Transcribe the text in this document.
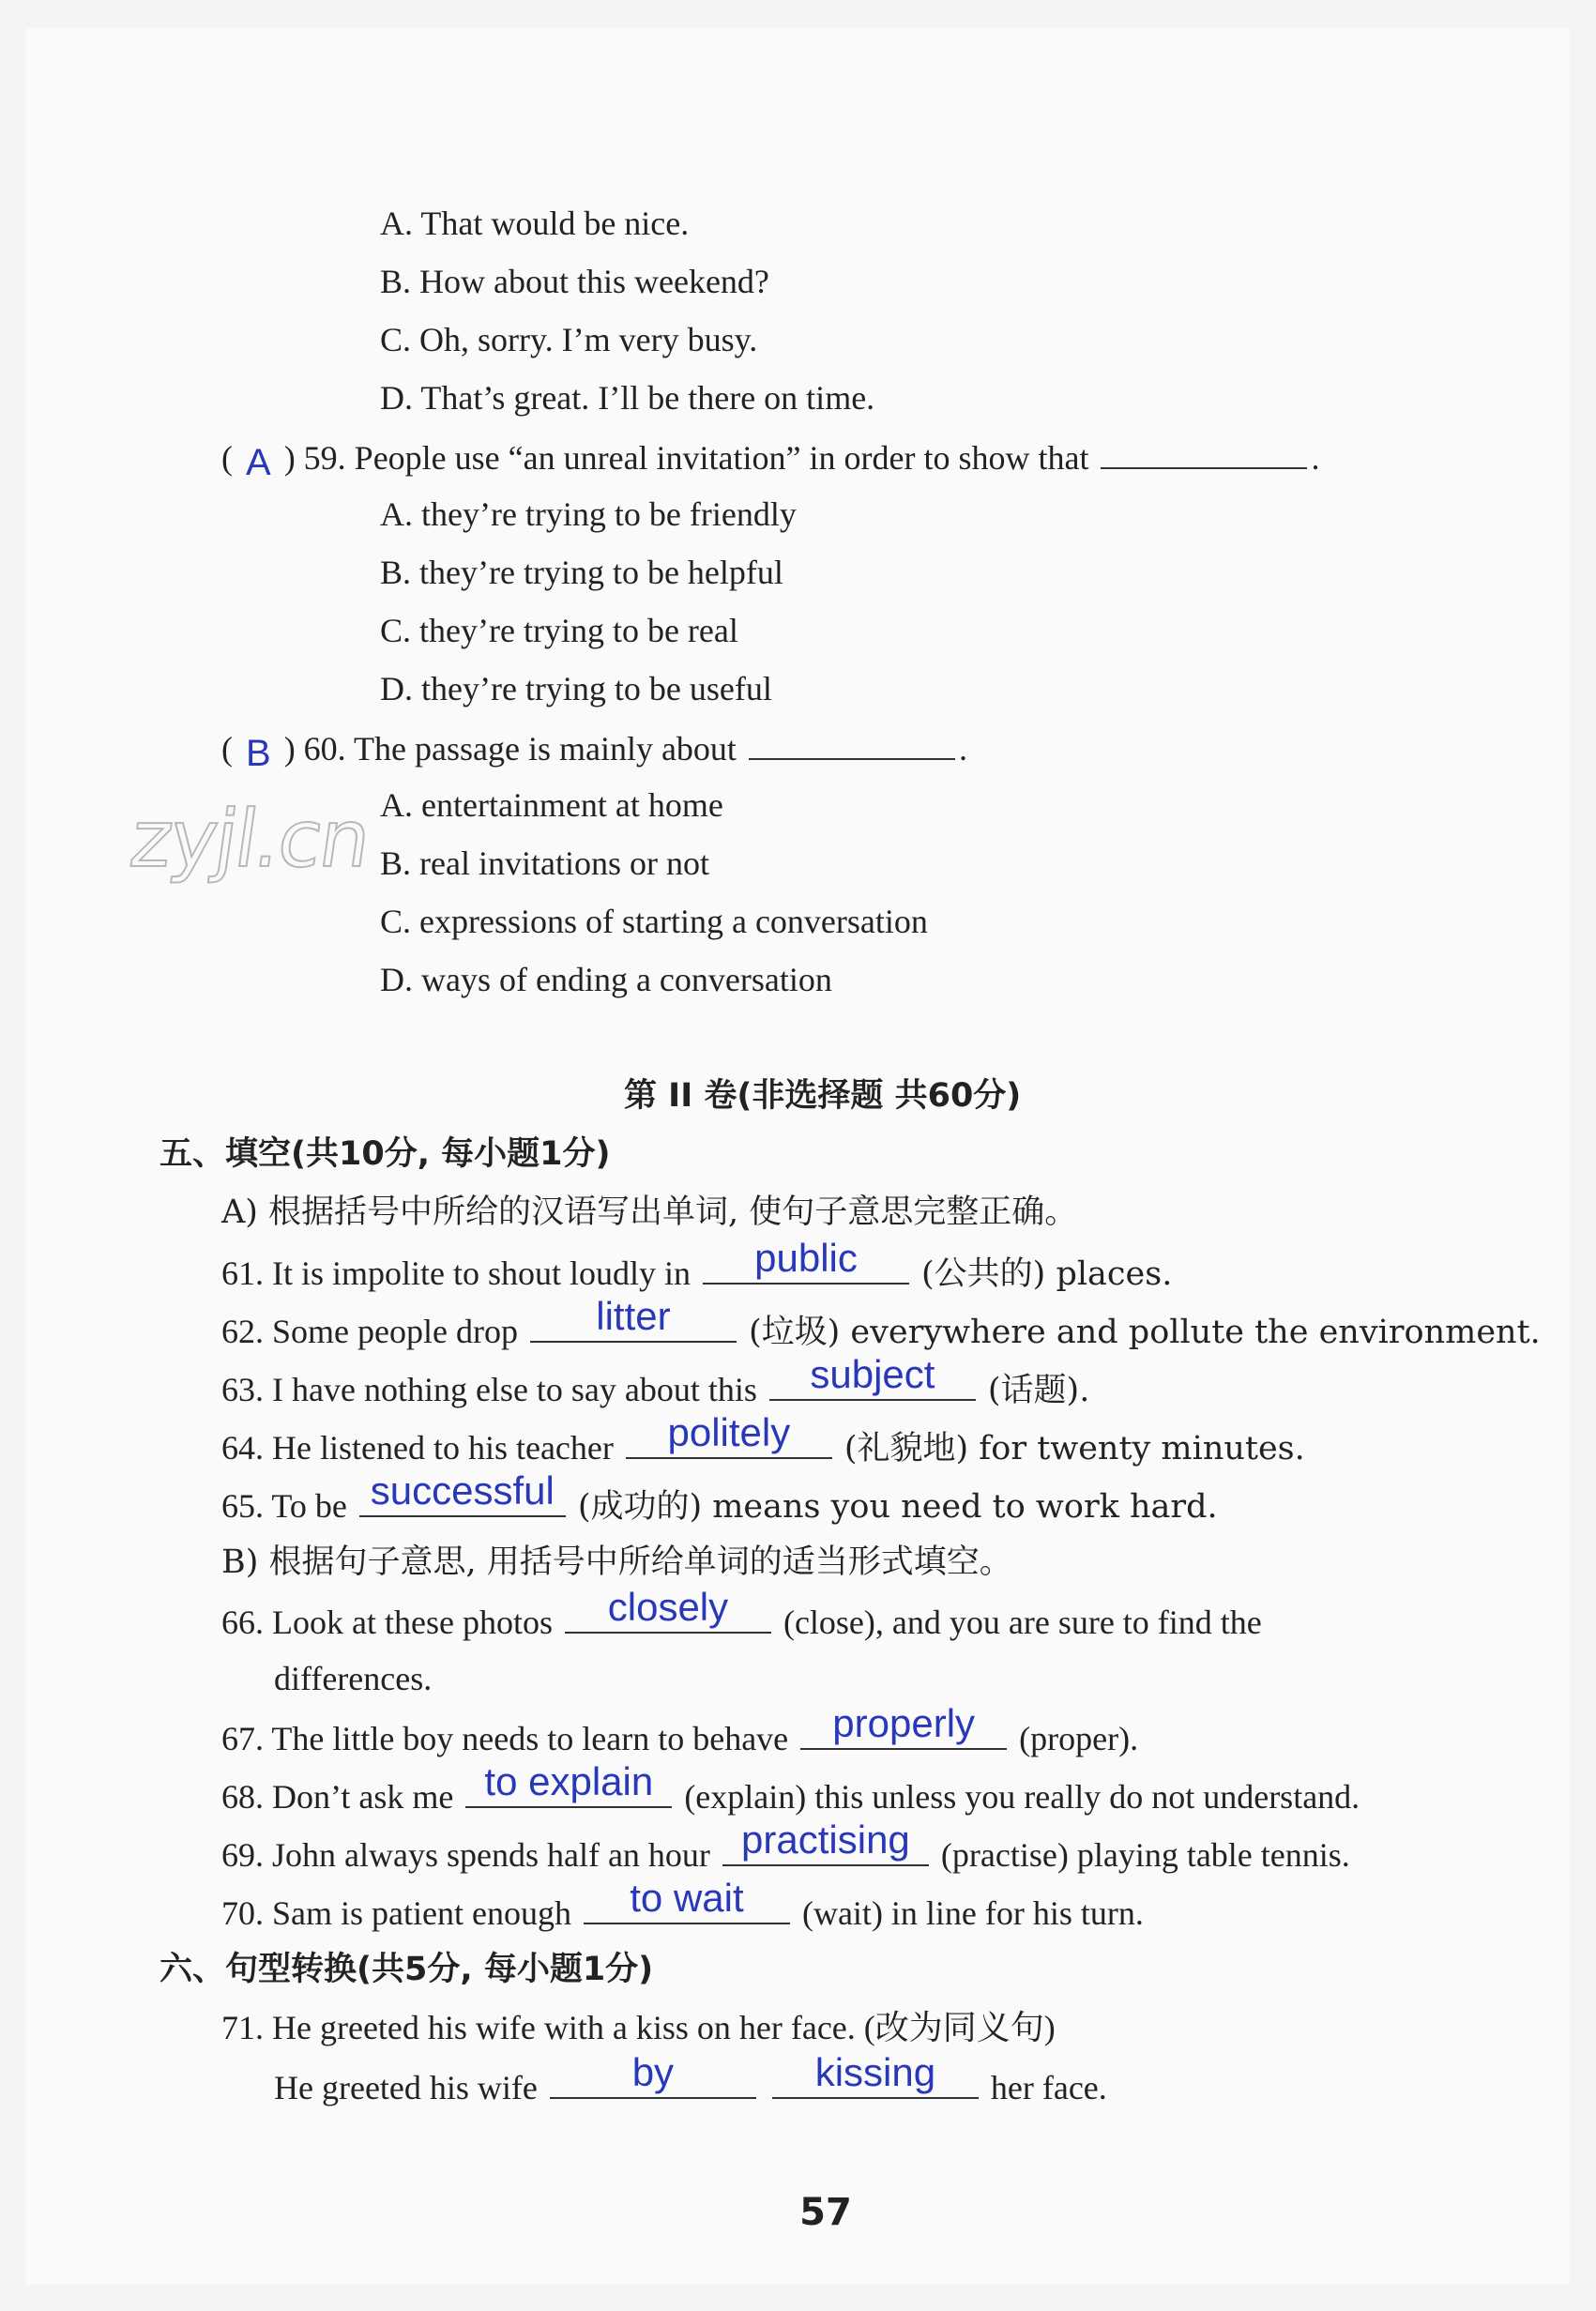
A. That would be nice.
B. How about this weekend?
C. Oh, sorry. I’m very busy.
D. That’s great. I’ll be there on time.
( A ) 59. People use “an unreal invitation” in order to show that	.
A. they’re trying to be friendly
B. they’re trying to be helpful
C. they’re trying to be real
D. they’re trying to be useful
( B ) 60. The passage is mainly about	.
A. entertainment at home
B. real invitations or not
C. expressions of starting a conversation
D. ways of ending a conversation
zyjl.cn
第 II 卷(非选择题 共60分)
五、填空(共10分, 每小题1分)
A) 根据括号中所给的汉语写出单词, 使句子意思完整正确。
61. It is impolite to shout loudly in	public	(公共的) places.
62. Some people drop	litter	(垃圾) everywhere and pollute the environment.
63. I have nothing else to say about this	subject	(话题).
64. He listened to his teacher	politely	(礼貌地) for twenty minutes.
65. To be successful (成功的) means you need to work hard.
B) 根据句子意思, 用括号中所给单词的适当形式填空。
66. Look at these photos	closely	(close), and you are sure to find the
differences.
67. The little boy needs to learn to behave	properly	(proper).
68. Don’t ask me to explain (explain) this unless you really do not understand.
69. John always spends half an hour practising (practise) playing table tennis.
70. Sam is patient enough	to wait	(wait) in line for his turn.
六、句型转换(共5分, 每小题1分)
71. He greeted his wife with a kiss on her face. (改为同义句)
He greeted his wife	by
	kissing	her face.
57
